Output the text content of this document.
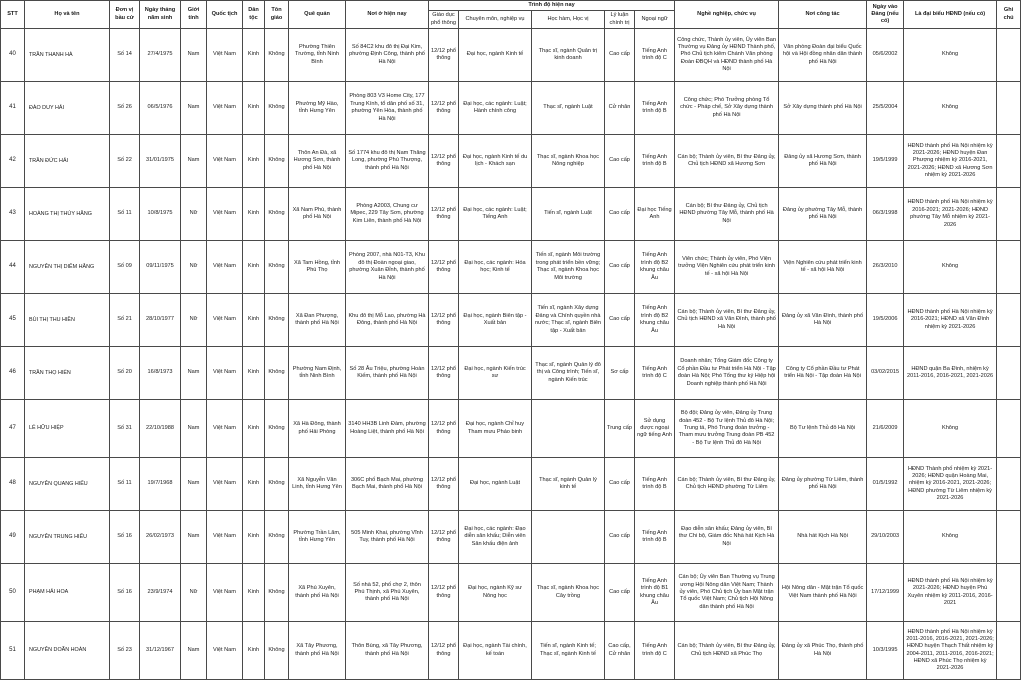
STT	Họ và tên	Đơn vị bầu cử	Ngày tháng năm sinh	Giới tính	Quốc tịch	Dân tộc	Tôn giáo	Quê quán	Nơi ở hiện nay	Trình độ hiện nay					Nghề nghiệp, chức vụ	Nơi công tác	Ngày vào Đảng (nếu có)	Là đại biểu HĐND (nếu có)	Ghi chú
										Giáo dục phổ thông	Chuyên môn, nghiệp vụ	Học hàm, Học vị	Lý luận chính trị	Ngoại ngữ					
40	TRẦN THANH HÀ	Số 14	27/4/1975	Nam	Việt Nam	Kinh	Không	Phường Thiên Trường, tỉnh Ninh Bình	Số 84C2 khu đô thị Đại Kim, phường Định Công, thành phố Hà Nội	12/12 phổ thông	Đại học, ngành Kinh tế	Thạc sĩ, ngành Quản trị kinh doanh	Cao cấp	Tiếng Anh trình độ C	Công chức, Thành ủy viên, Ủy viên Ban Thường vụ Đảng ủy HĐND Thành phố, Phó Chủ tịch kiêm Chánh Văn phòng Đoàn ĐBQH và HĐND thành phố Hà Nội	Văn phòng Đoàn đại biểu Quốc hội và Hội đồng nhân dân thành phố Hà Nội	05/6/2002	Không	
41	ĐÀO DUY HẢI	Số 26	06/5/1976	Nam	Việt Nam	Kinh	Không	Phường Mỹ Hào, tỉnh Hưng Yên	Phòng 803 V3 Home City, 177 Trung Kính, tổ dân phố số 31, phường Yên Hòa, thành phố Hà Nội	12/12 phổ thông	Đại học, các ngành: Luật; Hành chính công	Thạc sĩ, ngành Luật	Cử nhân	Tiếng Anh trình độ B	Công chức; Phó Trưởng phòng Tổ chức - Pháp chế, Sở Xây dựng thành phố Hà Nội	Sở Xây dựng thành phố Hà Nội	25/5/2004	Không	
42	TRẦN ĐỨC HẢI	Số 22	31/01/1975	Nam	Việt Nam	Kinh	Không	Thôn An Đà, xã Hương Sơn, thành phố Hà Nội	Số 1774 khu đô thị Nam Thăng Long, phường Phú Thượng, thành phố Hà Nội	12/12 phổ thông	Đại học, ngành Kinh tế du lịch - Khách sạn	Thạc sĩ, ngành Khoa học Nông nghiệp	Cao cấp	Tiếng Anh trình độ B	Cán bộ; Thành ủy viên, Bí thư Đảng ủy, Chủ tịch HĐND xã Hương Sơn	Đảng ủy xã Hương Sơn, thành phố Hà Nội	19/5/1999	HĐND thành phố Hà Nội nhiệm kỳ 2021-2026; HĐND huyện Đan Phượng nhiệm kỳ 2016-2021, 2021-2026; HĐND xã Hương Sơn nhiệm kỳ 2021-2026	
43	HOÀNG THỊ THÚY HẰNG	Số 11	10/8/1975	Nữ	Việt Nam	Kinh	Không	Xã Nam Phù, thành phố Hà Nội	Phòng A2003, Chung cư Mipec, 229 Tây Sơn, phường Kim Liên, thành phố Hà Nội	12/12 phổ thông	Đại học, các ngành: Luật; Tiếng Anh	Tiến sĩ, ngành Luật	Cao cấp	Đại học Tiếng Anh	Cán bộ; Bí thư Đảng ủy, Chủ tịch HĐND phường Tây Mỗ, thành phố Hà Nội	Đảng ủy phường Tây Mỗ, thành phố Hà Nội	06/3/1998	HĐND thành phố Hà Nội nhiệm kỳ 2016-2021; 2021-2026; HĐND phường Tây Mỗ nhiệm kỳ 2021-2026	
44	NGUYỄN THỊ DIỄM HẰNG	Số 09	09/11/1975	Nữ	Việt Nam	Kinh	Không	Xã Tam Hồng, tỉnh Phú Thọ	Phòng 2007, nhà N01-T3, Khu đô thị Đoàn ngoại giao, phường Xuân Đỉnh, thành phố Hà Nội	12/12 phổ thông	Đại học, các ngành: Hóa học; Kinh tế	Tiến sĩ, ngành Môi trường trong phát triển bền vững; Thạc sĩ, ngành Khoa học Môi trường	Cao cấp	Tiếng Anh trình độ B2 khung châu Âu	Viên chức; Thành ủy viên, Phó Viện trưởng Viện Nghiên cứu phát triển kinh tế - xã hội Hà Nội	Viện Nghiên cứu phát triển kinh tế - xã hội Hà Nội	26/3/2010	Không	
45	BÙI THỊ THU HIỀN	Số 21	28/10/1977	Nữ	Việt Nam	Kinh	Không	Xã Đan Phượng, thành phố Hà Nội	Khu đô thị Mỗ Lao, phường Hà Đông, thành phố Hà Nội	12/12 phổ thông	Đại học, ngành Biên tập - Xuất bản	Tiến sĩ, ngành Xây dựng Đảng và Chính quyền nhà nước; Thạc sĩ, ngành Biên tập - Xuất bản	Cao cấp	Tiếng Anh trình độ B2 khung châu Âu	Cán bộ; Thành ủy viên, Bí thư Đảng ủy, Chủ tịch HĐND xã Văn Đình, thành phố Hà Nội	Đảng ủy xã Văn Đình, thành phố Hà Nội	19/5/2006	HĐND thành phố Hà Nội nhiệm kỳ 2016-2021; HĐND xã Văn Đình nhiệm kỳ 2021-2026	
46	TRẦN THỌ HIỂN	Số 20	16/8/1973	Nam	Việt Nam	Kinh	Không	Phường Nam Định, tỉnh Ninh Bình	Số 28 Âu Triệu, phường Hoàn Kiếm, thành phố Hà Nội	12/12 phổ thông	Đại học, ngành Kiến trúc sư	Thạc sĩ, ngành Quản lý đô thị và Công trình; Tiến sĩ, ngành Kiến trúc	Sơ cấp	Tiếng Anh trình độ C	Doanh nhân; Tổng Giám đốc Công ty Cổ phần Đầu tư Phát triển Hà Nội - Tập đoàn Hà Nội; Phó Tổng thư ký Hiệp hội Doanh nghiệp thành phố Hà Nội	Công ty Cổ phần Đầu tư Phát triển Hà Nội - Tập đoàn Hà Nội	03/02/2015	HĐND quận Ba Đình, nhiệm kỳ 2011-2016, 2016-2021, 2021-2026	
47	LÊ HỮU HIỆP	Số 31	22/10/1988	Nam	Việt Nam	Kinh	Không	Xã Hà Đông, thành phố Hải Phòng	3140 HH3B Linh Đàm, phường Hoàng Liệt, thành phố Hà Nội	12/12 phổ thông	Đại học, ngành Chỉ huy Tham mưu Pháo binh		Trung cấp	Sử dụng được ngoại ngữ tiếng Anh	Bộ đội; Đảng ủy viên, Đảng ủy Trung đoàn 452 - Bộ Tư lệnh Thủ đô Hà Nội; Trung tá, Phó Trung đoàn trưởng - Tham mưu trưởng Trung đoàn PB 452 - Bộ Tư lệnh Thủ đô Hà Nội	Bộ Tư lệnh Thủ đô Hà Nội	21/6/2009	Không	
48	NGUYỄN QUANG HIẾU	Số 11	19/7/1968	Nam	Việt Nam	Kinh	Không	Xã Nguyễn Văn Linh, tỉnh Hưng Yên	306C phố Bạch Mai, phường Bạch Mai, thành phố Hà Nội	12/12 phổ thông	Đại học, ngành Luật	Thạc sĩ, ngành Quản lý kinh tế	Cao cấp	Tiếng Anh trình độ B	Cán bộ; Thành ủy viên, Bí thư Đảng ủy, Chủ tịch HĐND phường Từ Liêm	Đảng ủy phường Từ Liêm, thành phố Hà Nội	01/5/1992	HĐND Thành phố nhiệm kỳ 2021-2026; HĐND quận Hoàng Mai, nhiệm kỳ 2016-2021, 2021-2026; HĐND phường Từ Liêm nhiệm kỳ 2021-2026	
49	NGUYỄN TRUNG HIẾU	Số 16	26/02/1973	Nam	Việt Nam	Kinh	Không	Phường Trần Lãm, tỉnh Hưng Yên	505 Minh Khai, phường Vĩnh Tuy, thành phố Hà Nội	12/12 phổ thông	Đại học, các ngành: Đạo diễn sân khấu; Diễn viên Sân khấu điện ảnh		Cao cấp	Tiếng Anh trình độ B	Đạo diễn sân khấu; Đảng ủy viên, Bí thư Chi bộ, Giám đốc Nhà hát Kịch Hà Nội	Nhà hát Kịch Hà Nội	29/10/2003	Không	
50	PHẠM HẢI HOA	Số 16	23/9/1974	Nữ	Việt Nam	Kinh	Không	Xã Phú Xuyên, thành phố Hà Nội	Số nhà 52, phố chợ 2, thôn Phú Thịnh, xã Phú Xuyên, thành phố Hà Nội	12/12 phổ thông	Đại học, ngành Kỹ sư Nông học	Thạc sĩ, ngành Khoa học Cây trồng	Cao cấp	Tiếng Anh trình độ B1 khung châu Âu	Cán bộ; Ủy viên Ban Thường vụ Trung ương Hội Nông dân Việt Nam; Thành ủy viên, Phó Chủ tịch Ủy ban Mặt trận Tổ quốc Việt Nam; Chủ tịch Hội Nông dân thành phố Hà Nội	Hội Nông dân - Mặt trận Tổ quốc Việt Nam thành phố Hà Nội	17/12/1999	HĐND thành phố Hà Nội nhiệm kỳ 2021-2026; HĐND huyện Phú Xuyên nhiệm kỳ 2011-2016, 2016-2021	
51	NGUYỄN DOÃN HOÀN	Số 23	31/12/1967	Nam	Việt Nam	Kinh	Không	Xã Tây Phương, thành phố Hà Nội	Thôn Bùng, xã Tây Phương, thành phố Hà Nội	12/12 phổ thông	Đại học, ngành Tài chính, kế toán	Tiến sĩ, ngành Kinh tế; Thạc sĩ, ngành Kinh tế	Cao cấp, Cử nhân	Tiếng Anh trình độ C	Cán bộ; Thành ủy viên, Bí thư Đảng ủy, Chủ tịch HĐND xã Phúc Thọ	Đảng ủy xã Phúc Thọ, thành phố Hà Nội	10/3/1995	HĐND thành phố Hà Nội nhiệm kỳ 2011-2016, 2016-2021, 2021-2026; HĐND huyện Thạch Thất nhiệm kỳ 2004-2011, 2011-2016, 2016-2021; HĐND xã Phúc Thọ nhiệm kỳ 2021-2026	
